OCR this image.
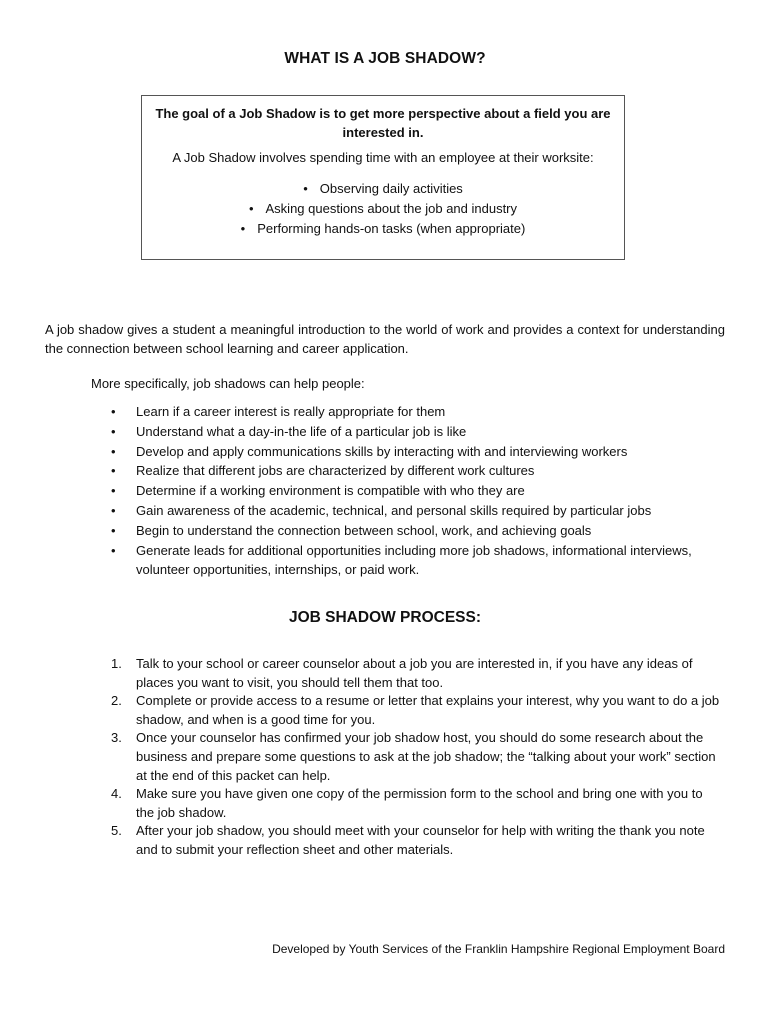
WHAT IS A JOB SHADOW?

The goal of a Job Shadow is to get more perspective about a field you are interested in.

A Job Shadow involves spending time with an employee at their worksite:

• Observing daily activities
• Asking questions about the job and industry
• Performing hands-on tasks (when appropriate)

A job shadow gives a student a meaningful introduction to the world of work and provides a context for understanding the connection between school learning and career application.

More specifically, job shadows can help people:

• Learn if a career interest is really appropriate for them
• Understand what a day-in-the life of a particular job is like
• Develop and apply communications skills by interacting with and interviewing workers
• Realize that different jobs are characterized by different work cultures
• Determine if a working environment is compatible with who they are
• Gain awareness of the academic, technical, and personal skills required by particular jobs
• Begin to understand the connection between school, work, and achieving goals
• Generate leads for additional opportunities including more job shadows, informational interviews, volunteer opportunities, internships, or paid work.
JOB SHADOW PROCESS:
1. Talk to your school or career counselor about a job you are interested in, if you have any ideas of places you want to visit, you should tell them that too.
2. Complete or provide access to a resume or letter that explains your interest, why you want to do a job shadow, and when is a good time for you.
3. Once your counselor has confirmed your job shadow host, you should do some research about the business and prepare some questions to ask at the job shadow; the “talking about your work” section at the end of this packet can help.
4. Make sure you have given one copy of the permission form to the school and bring one with you to the job shadow.
5. After your job shadow, you should meet with your counselor for help with writing the thank you note and to submit your reflection sheet and other materials.

Developed by Youth Services of the Franklin Hampshire Regional Employment Board
